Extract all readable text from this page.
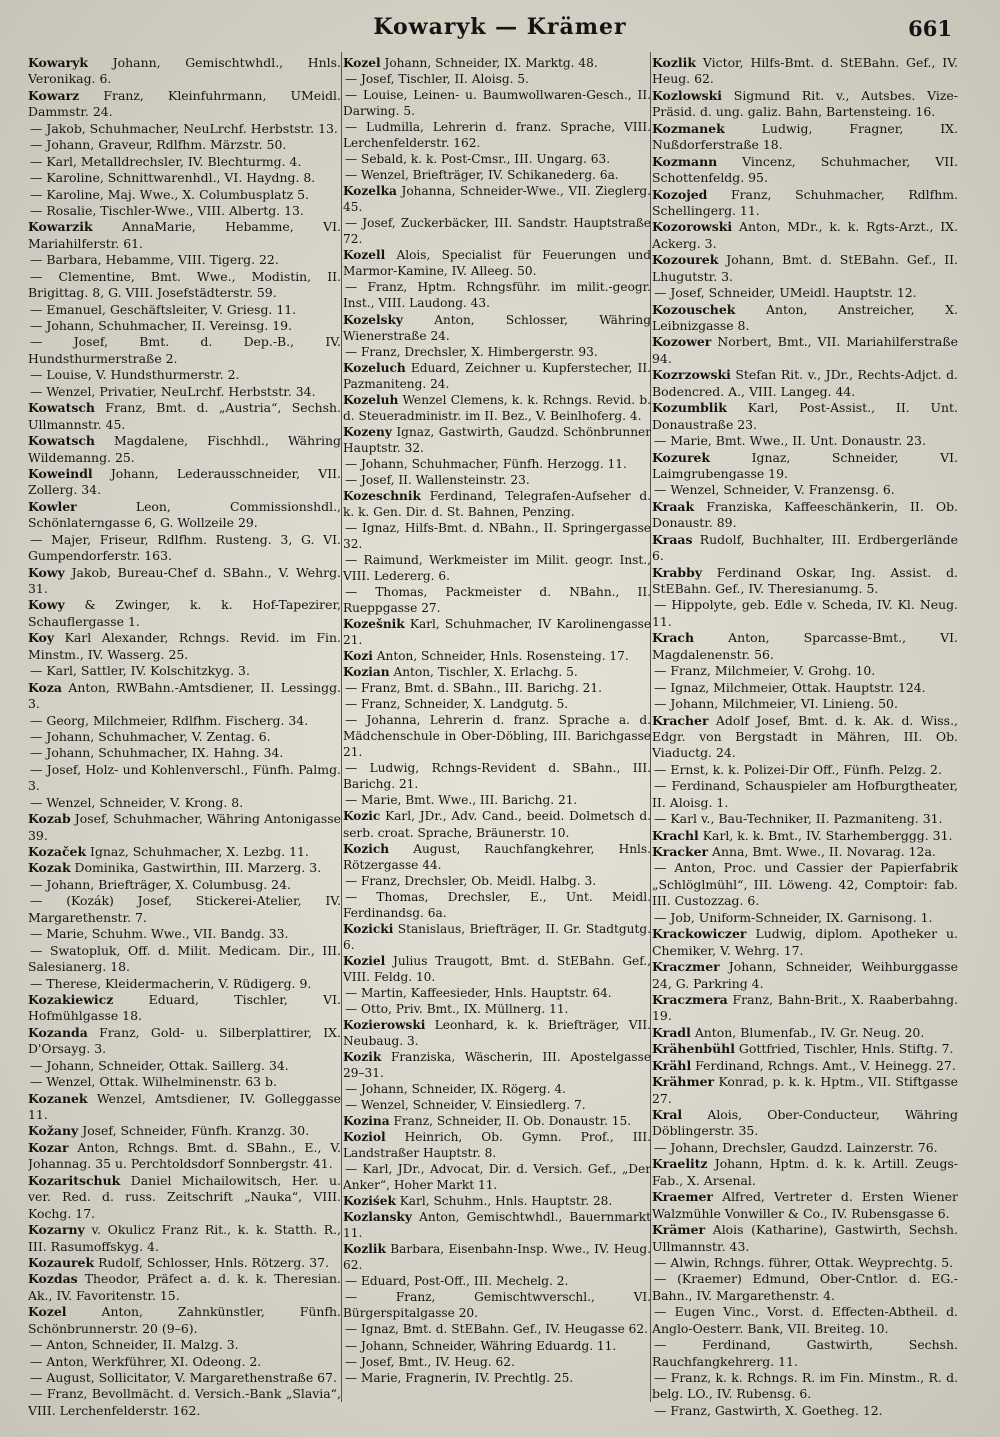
Kowaryk — Krämer	661
Kowaryk Johann, Gemischtwhdl., Hnls. Veronikag. 6.
Kowarz Franz, Kleinfuhrmann, UMeidl. Dammstr. 24.
— Jakob, Schuhmacher, NeuLrchf. Herbststr. 13.
— Johann, Graveur, Rdlfhm. Märzstr. 50.
— Karl, Metalldrechsler, IV. Blechturmg. 4.
— Karoline, Schnittwarenhdl., VI. Haydng. 8.
— Karoline, Maj. Wwe., X. Columbusplatz 5.
— Rosalie, Tischler-Wwe., VIII. Albertg. 13.
Kowarzik AnnaMarie, Hebamme, VI. Mariahilferstr. 61.
— Barbara, Hebamme, VIII. Tigerg. 22.
— Clementine, Bmt. Wwe., Modistin, II. Brigittag. 8, G. VIII. Josefstädterstr. 59.
— Emanuel, Geschäftsleiter, V. Griesg. 11.
— Johann, Schuhmacher, II. Vereinsg. 19.
— Josef, Bmt. d. Dep.-B., IV. Hundsthurmerstraße 2.
— Louise, V. Hundsthurmerstr. 2.
— Wenzel, Privatier, NeuLrchf. Herbststr. 34.
Kowatsch Franz, Bmt. d. „Austria“, Sechsh. Ullmannstr. 45.
Kowatsch Magdalene, Fischhdl., Währing Wildemanng. 25.
Koweindl Johann, Lederausschneider, VII. Zollerg. 34.
Kowler	Leon, Commissionshdl., Schönlaterngasse 6, G. Wollzeile 29.
— Majer, Friseur, Rdlfhm. Rusteng. 3, G. VI. Gumpendorferstr. 163.
Kowy Jakob, Bureau-Chef d. SBahn., V. Wehrg. 31.
Kowy & Zwinger, k. k. Hof-Tapezirer, Schauflergasse 1.
Koy Karl Alexander, Rchngs. Revid. im Fin. Minstm., IV. Wasserg. 25.
— Karl, Sattler, IV. Kolschitzkyg. 3.
Koza Anton, RWBahn.-Amtsdiener, II. Lessingg. 3.
— Georg, Milchmeier, Rdlfhm. Fischerg. 34.
— Johann, Schuhmacher, V. Zentag. 6.
— Johann, Schuhmacher, IX. Hahng. 34.
— Josef, Holz- und Kohlenverschl., Fünfh. Palmg. 3.
— Wenzel, Schneider, V. Krong. 8.
Kozab Josef, Schuhmacher, Währing Antonigasse 39.
Kozaček Ignaz, Schuhmacher, X. Lezbg. 11.
Kozak Dominika, Gastwirthin, III. Marzerg. 3.
— Johann, Briefträger, X. Columbusg. 24.
— (Kozák) Josef, Stickerei-Atelier, IV. Margarethenstr. 7.
— Marie, Schuhm. Wwe., VII. Bandg. 33.
— Swatopluk, Off. d. Milit. Medicam. Dir., III. Salesianerg. 18.
— Therese, Kleidermacherin, V. Rüdigerg. 9.
Kozakiewicz	Eduard, Tischler, VI. Hofmühlgasse 18.
Kozanda Franz, Gold- u. Silberplattirer, IX. D'Orsayg. 3.
— Johann, Schneider, Ottak. Saillerg. 34.
— Wenzel, Ottak. Wilhelminenstr. 63 b.
Kozanek Wenzel, Amtsdiener, IV. Golleggasse 11.
Kožany Josef, Schneider, Fünfh. Kranzg. 30.
Kozar Anton, Rchngs. Bmt. d. SBahn., E., V. Johannag. 35 u. Perchtoldsdorf Sonnbergstr. 41.
Kozaritschuk Daniel Michailowitsch, Her. u. ver. Red. d. russ. Zeitschrift „Nauka“, VIII. Kochg. 17.
Kozarny v. Okulicz Franz Rit., k. k. Statth. R., III. Rasumoffskyg. 4.
Kozaurek Rudolf, Schlosser, Hnls. Rötzerg. 37.
Kozdas Theodor, Präfect a. d. k. k. Theresian. Ak., IV. Favoritenstr. 15.
Kozel	Anton, Zahnkünstler, Fünfh. Schönbrunnerstr. 20 (9–6).
— Anton, Schneider, II. Malzg. 3.
— Anton, Werkführer, XI. Odeong. 2.
— August, Sollicitator, V. Margarethenstraße 67.
— Franz, Bevollmächt. d. Versich.-Bank „Slavia“, VIII. Lerchenfelderstr. 162.
Kozel Johann, Schneider, IX. Marktg. 48.
— Josef, Tischler, II. Aloisg. 5.
— Louise, Leinen- u. Baumwollwaren-Gesch., II. Darwing. 5.
— Ludmilla, Lehrerin d. franz. Sprache, VIII. Lerchenfelderstr. 162.
— Sebald, k. k. Post-Cmsr., III. Ungarg. 63.
— Wenzel, Briefträger, IV. Schikanederg. 6a.
Kozelka Johanna, Schneider-Wwe., VII. Zieglerg. 45.
— Josef, Zuckerbäcker, III. Sandstr. Hauptstraße 72.
Kozell Alois, Specialist für Feuerungen und Marmor-Kamine, IV. Alleeg. 50.
— Franz, Hptm. Rchngsführ. im milit.-geogr. Inst., VIII. Laudong. 43.
Kozelsky	Anton, Schlosser, Währing Wienerstraße 24.
— Franz, Drechsler, X. Himbergerstr. 93.
Kozeluch Eduard, Zeichner u. Kupferstecher, II. Pazmaniteng. 24.
Kozeluh Wenzel Clemens, k. k. Rchngs. Revid. b. d. Steueradministr. im II. Bez., V. Beinlhoferg. 4.
Kozeny Ignaz, Gastwirth, Gaudzd. Schönbrunner Hauptstr. 32.
— Johann, Schuhmacher, Fünfh. Herzogg. 11.
— Josef, II. Wallensteinstr. 23.
Kozeschnik Ferdinand, Telegrafen-Aufseher d. k. k. Gen. Dir. d. St. Bahnen, Penzing.
— Ignaz, Hilfs-Bmt. d. NBahn., II. Springergasse 32.
— Raimund, Werkmeister im Milit. geogr. Inst., VIII. Ledererg. 6.
— Thomas, Packmeister d. NBahn., II. Rueppgasse 27.
Kozešnik Karl, Schuhmacher, IV Karolinengasse 21.
Kozi Anton, Schneider, Hnls. Rosensteing. 17.
Kozian Anton, Tischler, X. Erlachg. 5.
— Franz, Bmt. d. SBahn., III. Barichg. 21.
— Franz, Schneider, X. Landgutg. 5.
— Johanna, Lehrerin d. franz. Sprache a. d. Mädchenschule in Ober-Döbling, III. Barichgasse 21.
— Ludwig, Rchngs-Revident d. SBahn., III. Barichg. 21.
— Marie, Bmt. Wwe., III. Barichg. 21.
Kozic Karl, JDr., Adv. Cand., beeid. Dolmetsch d. serb. croat. Sprache, Bräunerstr. 10.
Kozich August, Rauchfangkehrer, Hnls. Rötzergasse 44.
— Franz, Drechsler, Ob. Meidl. Halbg. 3.
— Thomas, Drechsler, E., Unt. Meidl. Ferdinandsg. 6a.
Kozicki Stanislaus, Briefträger, II. Gr. Stadtgutg. 6.
Koziel Julius Traugott, Bmt. d. StEBahn. Gef., VIII. Feldg. 10.
— Martin, Kaffeesieder, Hnls. Hauptstr. 64.
— Otto, Priv. Bmt., IX. Müllnerg. 11.
Kozierowski Leonhard, k. k. Briefträger, VII. Neubaug. 3.
Kozik Franziska, Wäscherin, III. Apostelgasse 29–31.
— Johann, Schneider, IX. Rögerg. 4.
— Wenzel, Schneider, V. Einsiedlerg. 7.
Kozina Franz, Schneider, II. Ob. Donaustr. 15.
Koziol Heinrich, Ob. Gymn. Prof., III. Landstraßer Hauptstr. 8.
— Karl, JDr., Advocat, Dir. d. Versich. Gef., „Der Anker“, Hoher Markt 11.
Koziśek Karl, Schuhm., Hnls. Hauptstr. 28.
Kozlansky Anton, Gemischtwhdl., Bauernmarkt 11.
Kozlik Barbara, Eisenbahn-Insp. Wwe., IV. Heug. 62.
— Eduard, Post-Off., III. Mechelg. 2.
— Franz, Gemischtwverschl., VI. Bürgerspitalgasse 20.
— Ignaz, Bmt. d. StEBahn. Gef., IV. Heugasse 62.
— Johann, Schneider, Währing Eduardg. 11.
— Josef, Bmt., IV. Heug. 62.
— Marie, Fragnerin, IV. Prechtlg. 25.
Kozlik Victor, Hilfs-Bmt. d. StEBahn. Gef., IV. Heug. 62.
Kozlowski Sigmund Rit. v., Autsbes. Vize-Präsid. d. ung. galiz. Bahn, Bartensteing. 16.
Kozmanek	Ludwig, Fragner, IX. Nußdorferstraße 18.
Kozmann Vincenz, Schuhmacher, VII. Schottenfeldg. 95.
Kozojed Franz, Schuhmacher, Rdlfhm. Schellingerg. 11.
Kozorowski Anton, MDr., k. k. Rgts-Arzt., IX. Ackerg. 3.
Kozourek Johann, Bmt. d. StEBahn. Gef., II. Lhugutstr. 3.
— Josef, Schneider, UMeidl. Hauptstr. 12.
Kozouschek Anton, Anstreicher, X. Leibnizgasse 8.
Kozower Norbert, Bmt., VII. Mariahilferstraße 94.
Kozrzowski Stefan Rit. v., JDr., Rechts-Adjct. d. Bodencred. A., VIII. Langeg. 44.
Kozumblik Karl, Post-Assist., II. Unt. Donaustraße 23.
— Marie, Bmt. Wwe., II. Unt. Donaustr. 23.
Kozurek	Ignaz, Schneider, VI. Laimgrubengasse 19.
— Wenzel, Schneider, V. Franzensg. 6.
Kraak Franziska, Kaffeeschänkerin, II. Ob. Donaustr. 89.
Kraas Rudolf, Buchhalter, III. Erdbergerlände 6.
Krabby Ferdinand Oskar, Ing. Assist. d. StEBahn. Gef., IV. Theresianumg. 5.
— Hippolyte, geb. Edle v. Scheda, IV. Kl. Neug. 11.
Krach	Anton, Sparcasse-Bmt., VI. Magdalenenstr. 56.
— Franz, Milchmeier, V. Grohg. 10.
— Ignaz, Milchmeier, Ottak. Hauptstr. 124.
— Johann, Milchmeier, VI. Linieng. 50.
Kracher Adolf Josef, Bmt. d. k. Ak. d. Wiss., Edgr. von Bergstadt in Mähren, III. Ob. Viaductg. 24.
— Ernst, k. k. Polizei-Dir Off., Fünfh. Pelzg. 2.
— Ferdinand, Schauspieler am Hofburgtheater, II. Aloisg. 1.
— Karl v., Bau-Techniker, II. Pazmaniteng. 31.
Krachl Karl, k. k. Bmt., IV. Starhemberggg. 31.
Kracker Anna, Bmt. Wwe., II. Novarag. 12a.
— Anton, Proc. und Cassier der Papierfabrik „Schlöglmühl“, III. Löweng. 42, Comptoir: fab. III. Custozzag. 6.
— Job, Uniform-Schneider, IX. Garnisong. 1.
Krackowiczer Ludwig, diplom. Apotheker u. Chemiker, V. Wehrg. 17.
Kraczmer Johann, Schneider, Weihburggasse 24, G. Parkring 4.
Kraczmera Franz, Bahn-Brit., X. Raaberbahng. 19.
Kradl Anton, Blumenfab., IV. Gr. Neug. 20.
Krähenbühl Gottfried, Tischler, Hnls. Stiftg. 7.
Krähl Ferdinand, Rchngs. Amt., V. Heinegg. 27.
Krähmer Konrad, p. k. k. Hptm., VII. Stiftgasse 27.
Kral Alois, Ober-Conducteur, Währing Döblingerstr. 35.
— Johann, Drechsler, Gaudzd. Lainzerstr. 76.
Kraelitz Johann, Hptm. d. k. k. Artill. Zeugs-Fab., X. Arsenal.
Kraemer Alfred, Vertreter d. Ersten Wiener Walzmühle Vonwiller & Co., IV. Rubensgasse 6.
Krämer Alois (Katharine), Gastwirth, Sechsh. Ullmannstr. 43.
— Alwin, Rchngs. führer, Ottak. Weyprechtg. 5.
— (Kraemer) Edmund, Ober-Cntlor. d. EG.-Bahn., IV. Margarethenstr. 4.
— Eugen Vinc., Vorst. d. Effecten-Abtheil. d. Anglo-Oesterr. Bank, VII. Breiteg. 10.
— Ferdinand, Gastwirth, Sechsh. Rauchfangkehrerg. 11.
— Franz, k. k. Rchngs. R. im Fin. Minstm., R. d. belg. LO., IV. Rubensg. 6.
— Franz, Gastwirth, X. Goetheg. 12.
